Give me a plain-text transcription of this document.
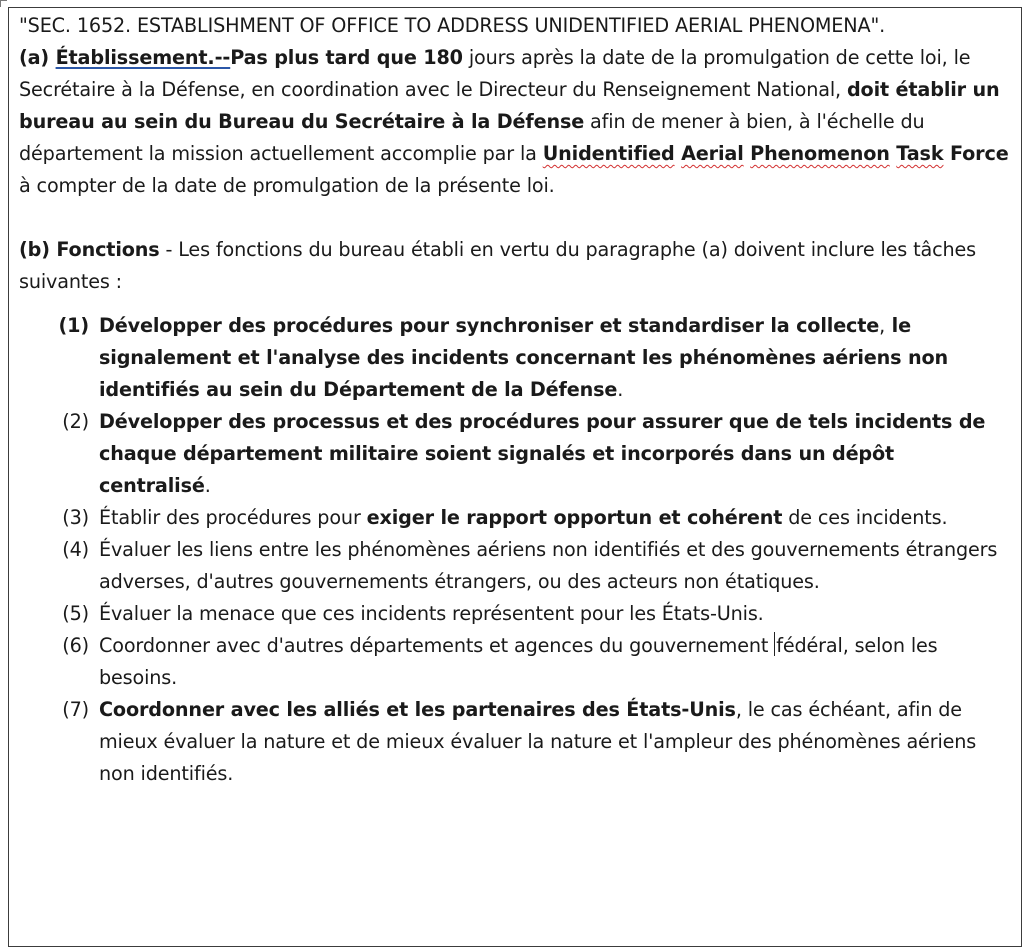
"SEC. 1652. ESTABLISHMENT OF OFFICE TO ADDRESS UNIDENTIFIED AERIAL PHENOMENA".

(a) Établissement.--Pas plus tard que 180 jours après la date de la promulgation de cette loi, le Secrétaire à la Défense, en coordination avec le Directeur du Renseignement National, doit établir un bureau au sein du Bureau du Secrétaire à la Défense afin de mener à bien, à l'échelle du département la mission actuellement accomplie par la Unidentified Aerial Phenomenon Task Force à compter de la date de promulgation de la présente loi.

(b) Fonctions - Les fonctions du bureau établi en vertu du paragraphe (a) doivent inclure les tâches suivantes :

(1) Développer des procédures pour synchroniser et standardiser la collecte, le signalement et l'analyse des incidents concernant les phénomènes aériens non identifiés au sein du Département de la Défense.
(2) Développer des processus et des procédures pour assurer que de tels incidents de chaque département militaire soient signalés et incorporés dans un dépôt centralisé.
(3) Établir des procédures pour exiger le rapport opportun et cohérent de ces incidents.
(4) Évaluer les liens entre les phénomènes aériens non identifiés et des gouvernements étrangers adverses, d'autres gouvernements étrangers, ou des acteurs non étatiques.
(5) Évaluer la menace que ces incidents représentent pour les États-Unis.
(6) Coordonner avec d'autres départements et agences du gouvernement fédéral, selon les besoins.
(7) Coordonner avec les alliés et les partenaires des États-Unis, le cas échéant, afin de mieux évaluer la nature et de mieux évaluer la nature et l'ampleur des phénomènes aériens non identifiés.
